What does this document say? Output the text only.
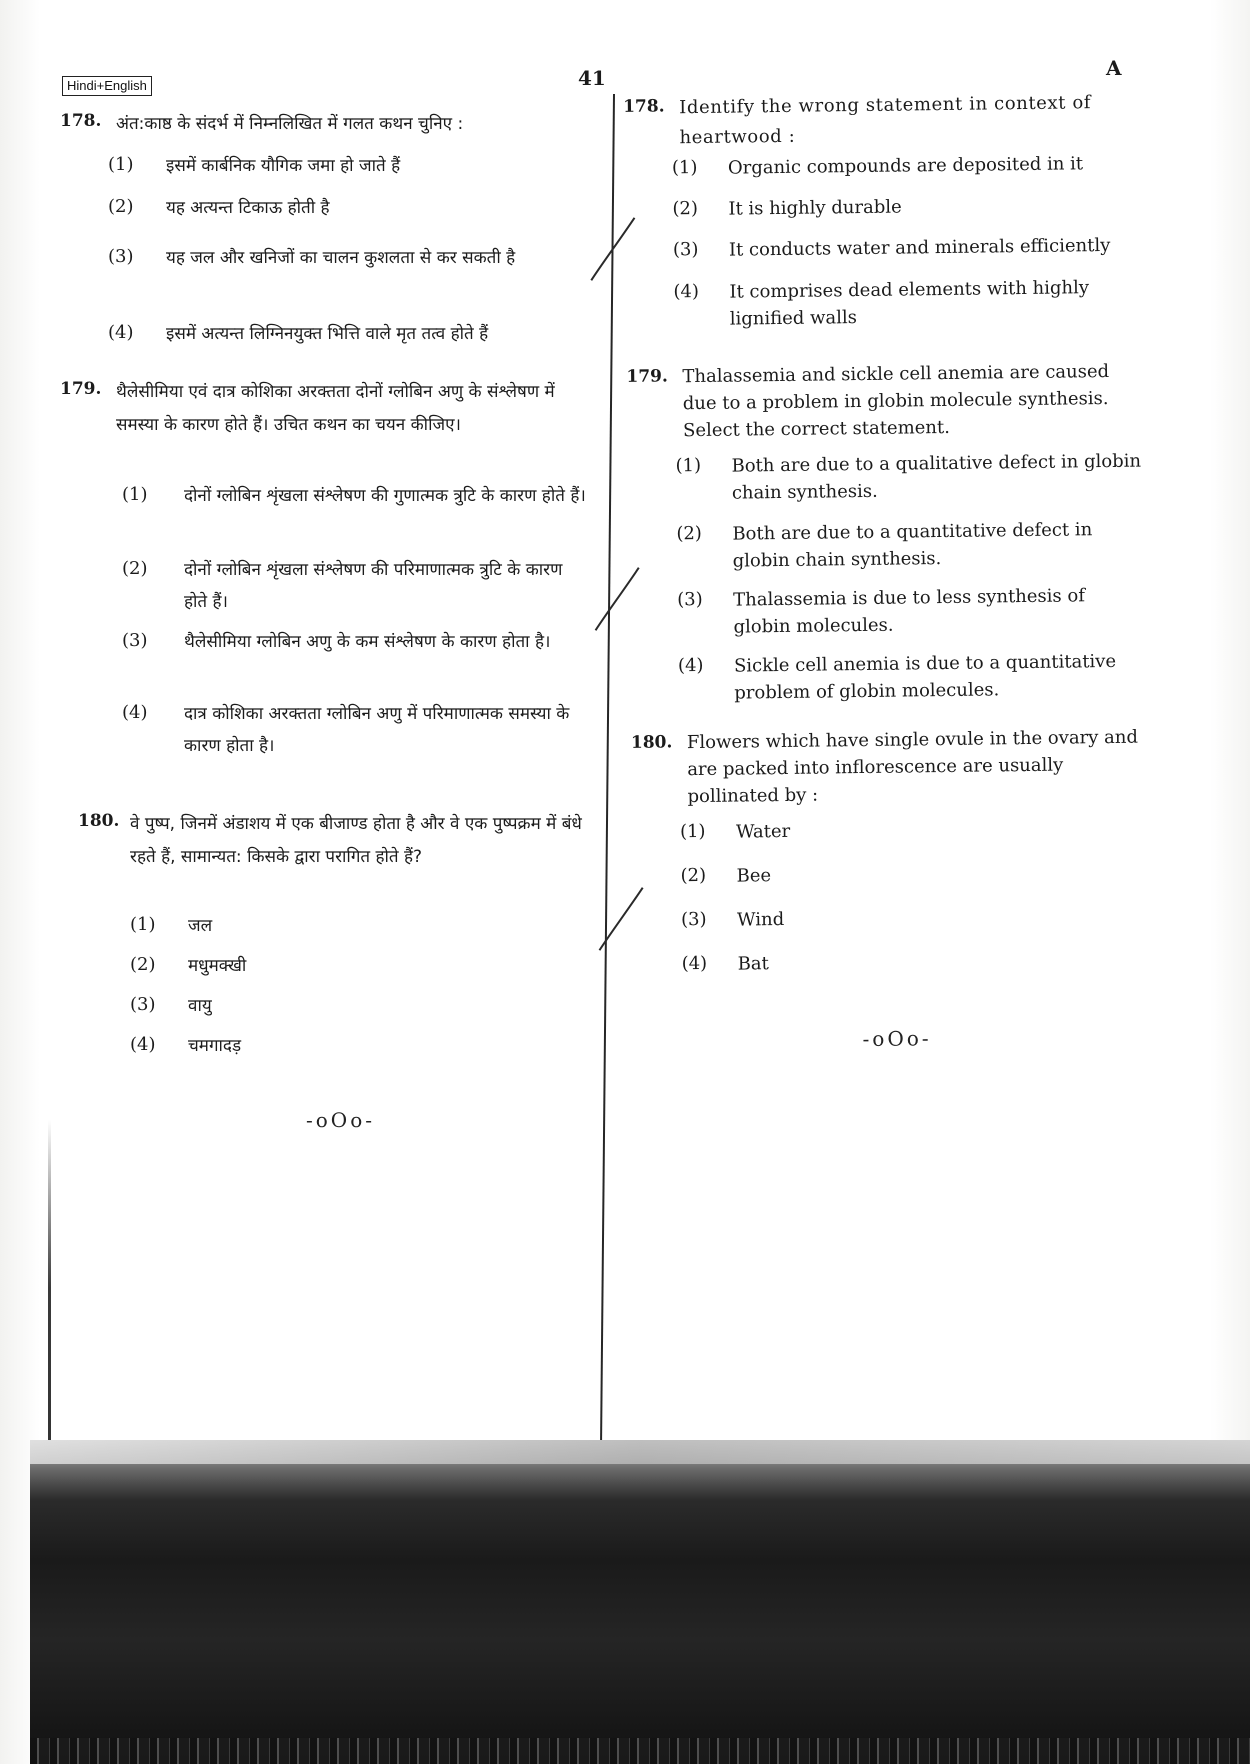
Hindi+English	41	A
178. अंत:काष्ठ के संदर्भ में निम्नलिखित में गलत कथन चुनिए :
(1) इसमें कार्बनिक यौगिक जमा हो जाते हैं
(2) यह अत्यन्त टिकाऊ होती है
(3) यह जल और खनिजों का चालन कुशलता से कर सकती है
(4) इसमें अत्यन्त लिग्निनयुक्त भित्ति वाले मृत तत्व होते हैं
179. थैलेसीमिया एवं दात्र कोशिका अरक्तता दोनों ग्लोबिन अणु के संश्लेषण में समस्या के कारण होते हैं। उचित कथन का चयन कीजिए।
(1) दोनों ग्लोबिन शृंखला संश्लेषण की गुणात्मक त्रुटि के कारण होते हैं।
(2) दोनों ग्लोबिन शृंखला संश्लेषण की परिमाणात्मक त्रुटि के कारण होते हैं।
(3) थैलेसीमिया ग्लोबिन अणु के कम संश्लेषण के कारण होता है।
(4) दात्र कोशिका अरक्तता ग्लोबिन अणु में परिमाणात्मक समस्या के कारण होता है।
180. वे पुष्प, जिनमें अंडाशय में एक बीजाण्ड होता है और वे एक पुष्पक्रम में बंधे रहते हैं, सामान्यत: किसके द्वारा परागित होते हैं?
(1) जल
(2) मधुमक्खी
(3) वायु
(4) चमगादड़
-oOo-
178. Identify the wrong statement in context of heartwood :
(1) Organic compounds are deposited in it
(2) It is highly durable
(3) It conducts water and minerals efficiently
(4) It comprises dead elements with highly lignified walls
179. Thalassemia and sickle cell anemia are caused due to a problem in globin molecule synthesis. Select the correct statement.
(1) Both are due to a qualitative defect in globin chain synthesis.
(2) Both are due to a quantitative defect in globin chain synthesis.
(3) Thalassemia is due to less synthesis of globin molecules.
(4) Sickle cell anemia is due to a quantitative problem of globin molecules.
180. Flowers which have single ovule in the ovary and are packed into inflorescence are usually pollinated by :
(1) Water
(2) Bee
(3) Wind
(4) Bat
-oOo-
